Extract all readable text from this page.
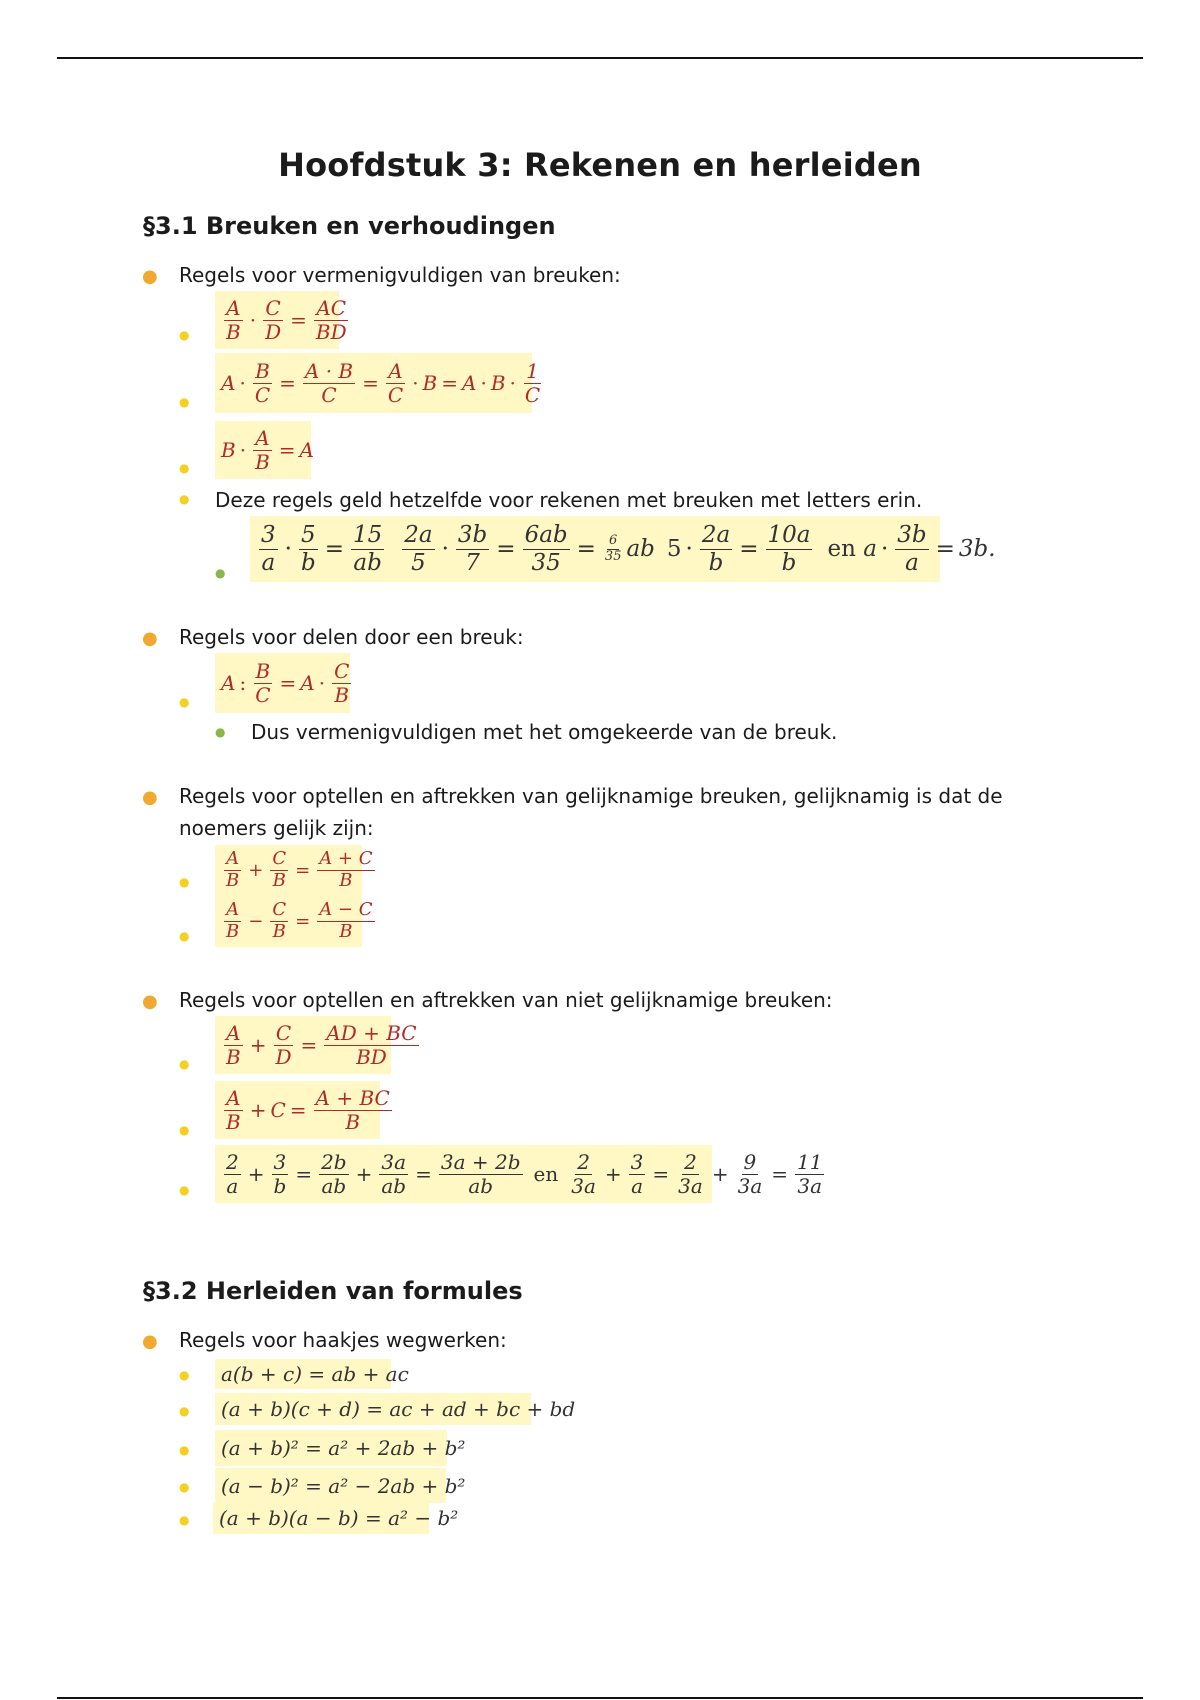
Hoofdstuk 3: Rekenen en herleiden
§3.1 Breuken en verhoudingen
● Regels voor vermenigvuldigen van breuken:
● $\frac{A}{B} \cdot \frac{C}{D} = \frac{AC}{BD}$
●
$A \cdot \frac{B}{C} = \frac{A \cdot B}{C} = \frac{A}{C} \cdot B = A \cdot B \cdot \frac{1}{C}$
●
$B \cdot \frac{A}{B} = A$
● Deze regels geld hetzelfde voor rekenen met breuken met letters erin.
● $\frac{3}{a} \cdot \frac{5}{b} = \frac{15}{ab} \frac{2a}{5} \cdot \frac{3b}{7} = \frac{6ab}{35} = \frac{6}{35}$ ab $5 \cdot \frac{2a}{b} = \frac{10a}{b}$ en $a \cdot \frac{3b}{a} = 3b$.
● Regels voor delen door een breuk:
●
A : $\frac{B}{C} = A \cdot \frac{C}{B}$
● Dus vermenigvuldigen met het omgekeerde van de breuk.
● Regels voor optellen en aftrekken van gelijknamige breuken, gelijknamig is dat de
noemers gelijk zijn:
● $\frac{A}{B} + \frac{C}{B} = \frac{A + C}{B}$
● $\frac{A}{B} - \frac{C}{B} = \frac{A - C}{B}$
● Regels voor optellen en aftrekken van niet gelijknamige breuken:
● $\frac{A}{B} + \frac{C}{D} = \frac{AD + BC}{BD}$
● $\frac{A}{B} + C = \frac{A + BC}{B}$
● $\frac{2}{a} + \frac{3}{b} = \frac{2b}{ab} + \frac{3a}{ab} = \frac{3a + 2b}{ab}$ en $\frac{2}{3a} + \frac{3}{a} = \frac{2}{3a} + \frac{9}{3a} = \frac{11}{3a}$
§3.2 Herleiden van formules
● Regels voor haakjes wegwerken:
●	a(b + c) = ab + ac
●	(a + b)(c + d) = ac + ad + bc + bd
●	(a + b)² = a² + 2ab + b²
●	(a − b)² = a² − 2ab + b²
●	(a + b)(a − b) = a² − b²
